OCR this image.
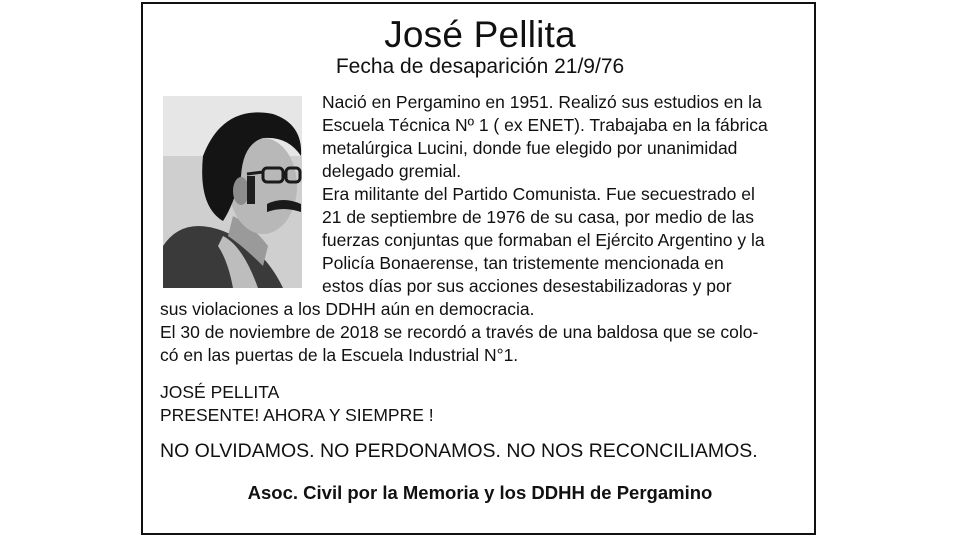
José Pellita
Fecha de desaparición 21/9/76
Nació en Pergamino en 1951. Realizó sus estudios en la
Escuela Técnica Nº 1 ( ex ENET). Trabajaba en la fábrica
metalúrgica Lucini, donde fue elegido por unanimidad
delegado gremial.
Era militante del Partido Comunista. Fue secuestrado el
21 de septiembre de 1976 de su casa, por medio de las
fuerzas conjuntas que formaban el Ejército Argentino y la
Policía Bonaerense, tan tristemente mencionada en
estos días por sus acciones desestabilizadoras y por
sus violaciones a los DDHH aún en democracia.
El 30 de noviembre de 2018 se recordó a través de una baldosa que se colo-
có en las puertas de la Escuela Industrial N°1.
JOSÉ PELLITA
PRESENTE! AHORA Y SIEMPRE !
NO OLVIDAMOS. NO PERDONAMOS. NO NOS RECONCILIAMOS.
Asoc. Civil por la Memoria y los DDHH de Pergamino
